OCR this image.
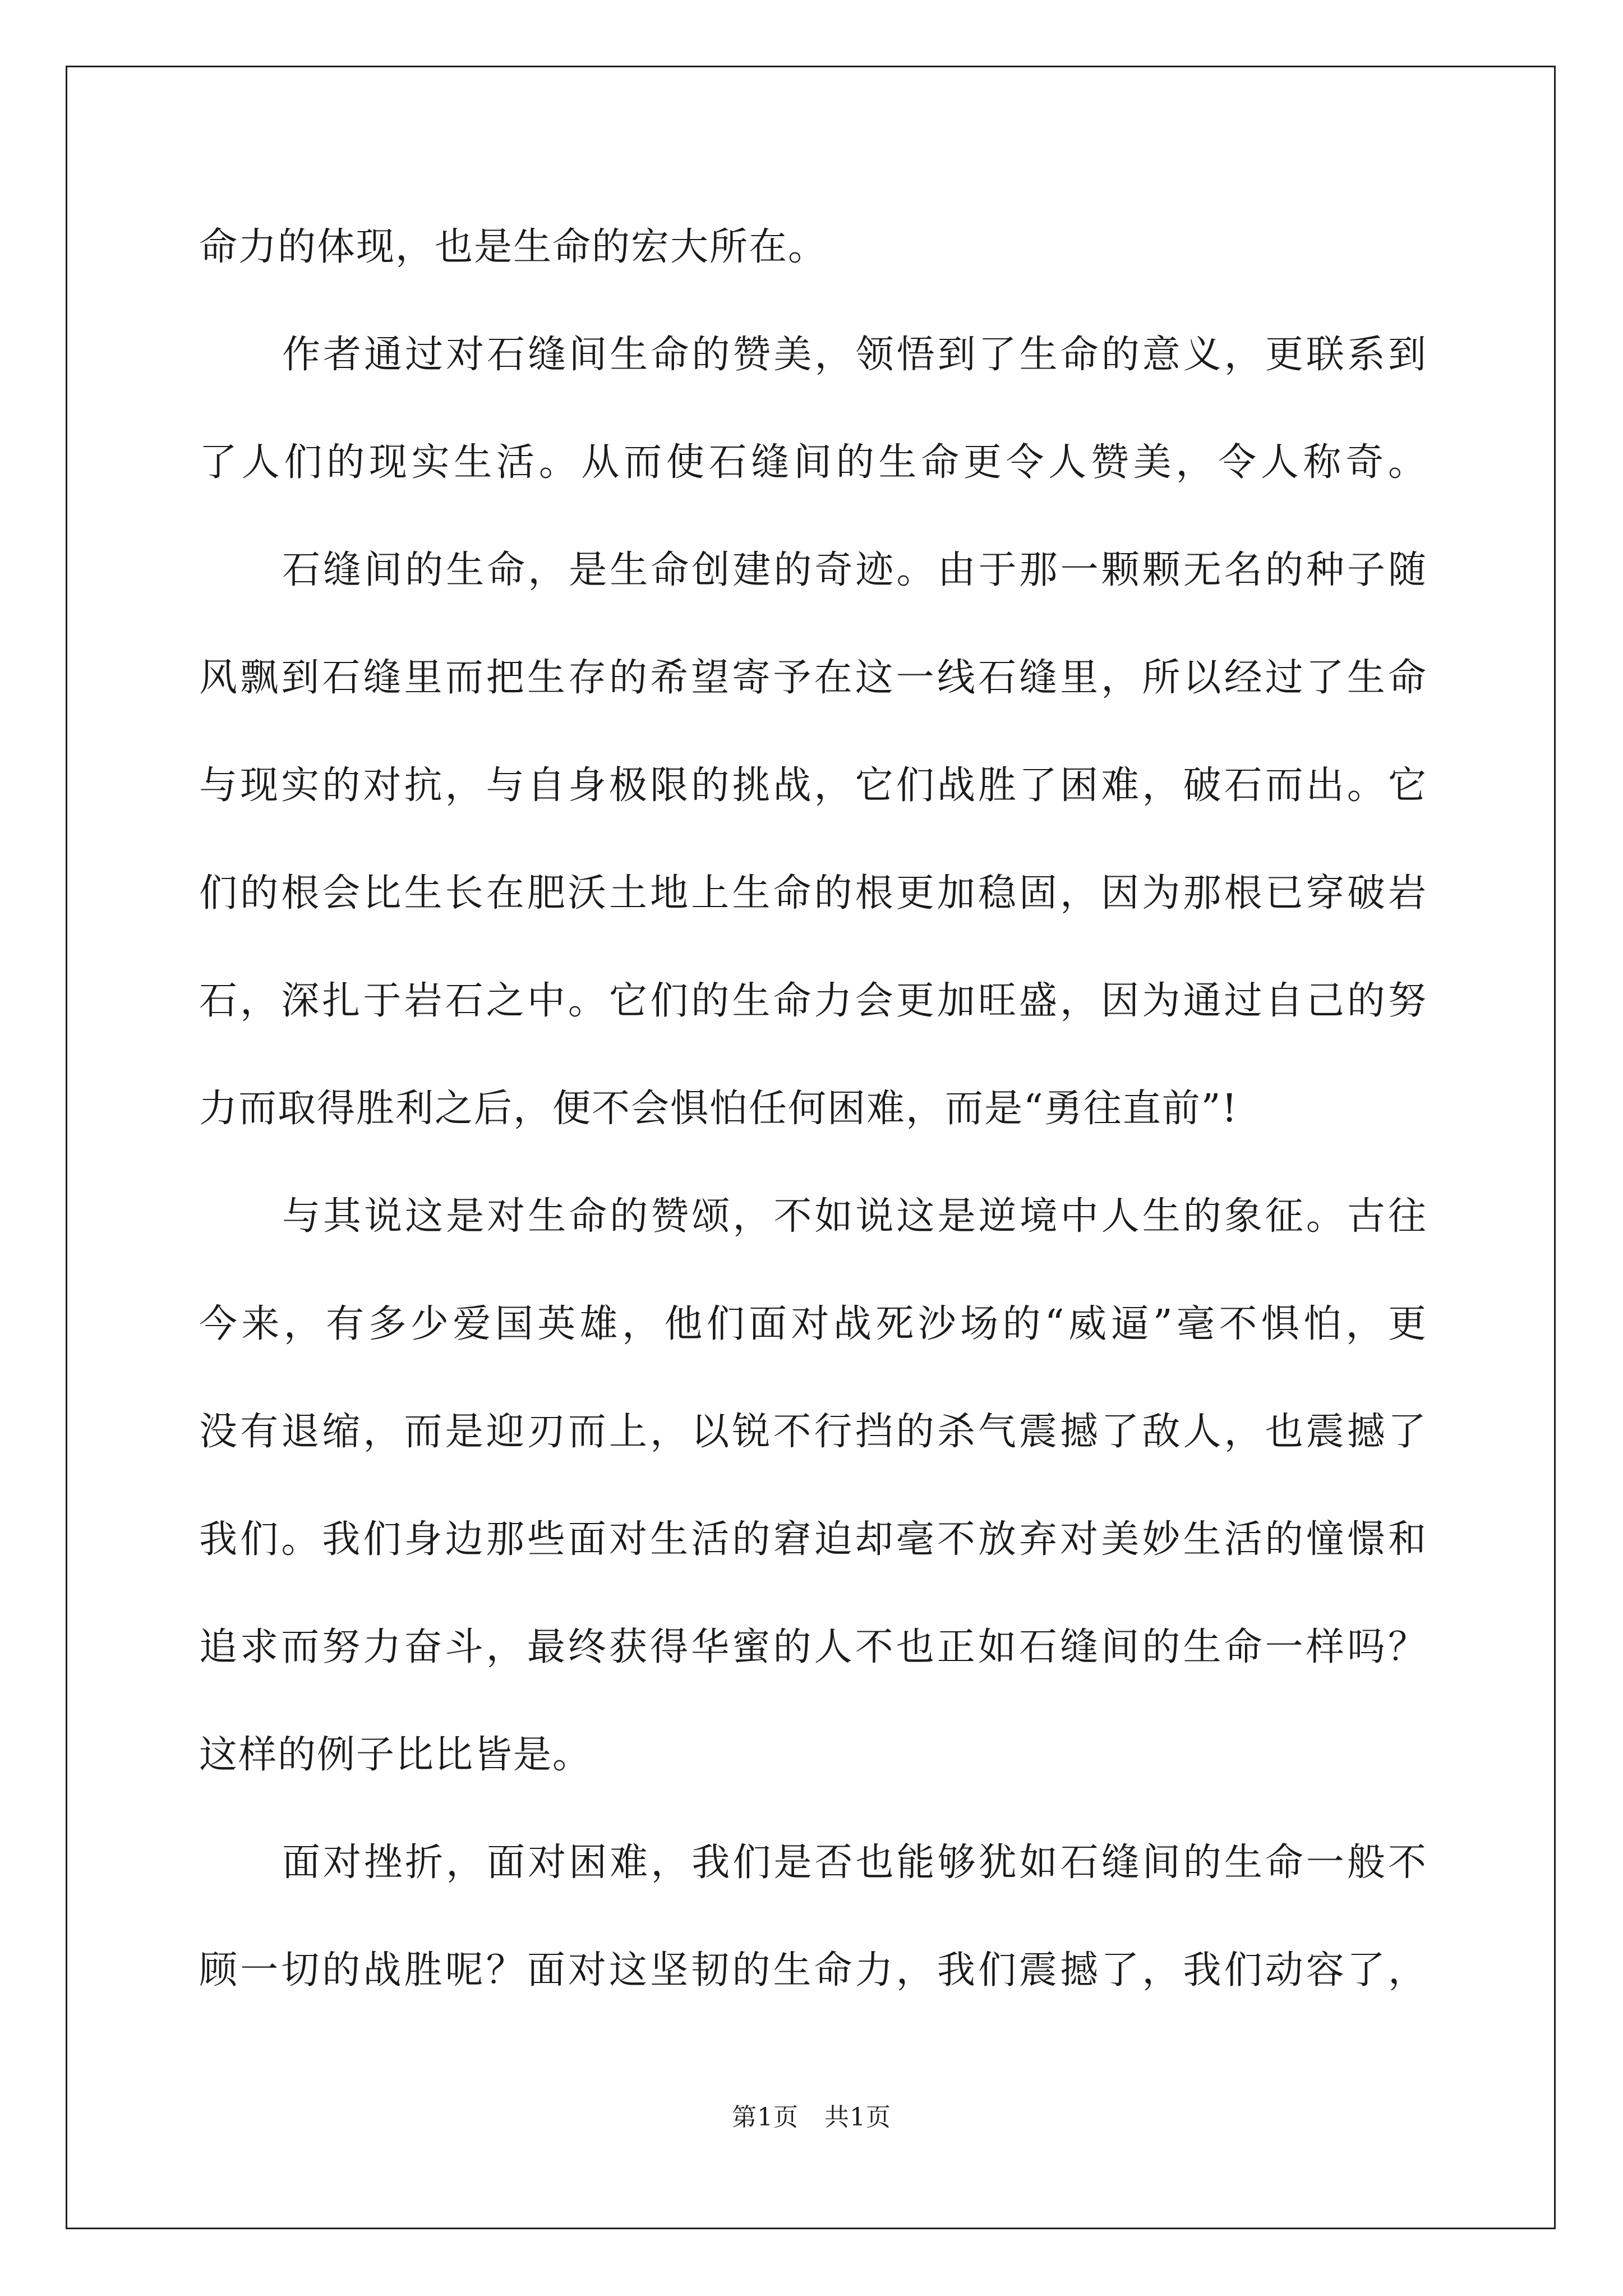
命力的体现，也是生命的宏大所在。
作者通过对石缝间生命的赞美，领悟到了生命的意义，更联系到
了人们的现实生活。从而使石缝间的生命更令人赞美，令人称奇。
石缝间的生命，是生命创建的奇迹。由于那一颗颗无名的种子随
风飘到石缝里而把生存的希望寄予在这一线石缝里，所以经过了生命
与现实的对抗，与自身极限的挑战，它们战胜了困难，破石而出。它
们的根会比生长在肥沃土地上生命的根更加稳固，因为那根已穿破岩
石，深扎于岩石之中。它们的生命力会更加旺盛，因为通过自己的努
力而取得胜利之后，便不会惧怕任何困难，而是“勇往直前”!
与其说这是对生命的赞颂，不如说这是逆境中人生的象征。古往
今来，有多少爱国英雄，他们面对战死沙场的“威逼”毫不惧怕，更
没有退缩，而是迎刃而上，以锐不行挡的杀气震撼了敌人，也震撼了
我们。我们身边那些面对生活的窘迫却毫不放弃对美妙生活的憧憬和
追求而努力奋斗，最终获得华蜜的人不也正如石缝间的生命一样吗？
这样的例子比比皆是。
面对挫折，面对困难，我们是否也能够犹如石缝间的生命一般不
顾一切的战胜呢？面对这坚韧的生命力，我们震撼了，我们动容了，
第1页 共1页
